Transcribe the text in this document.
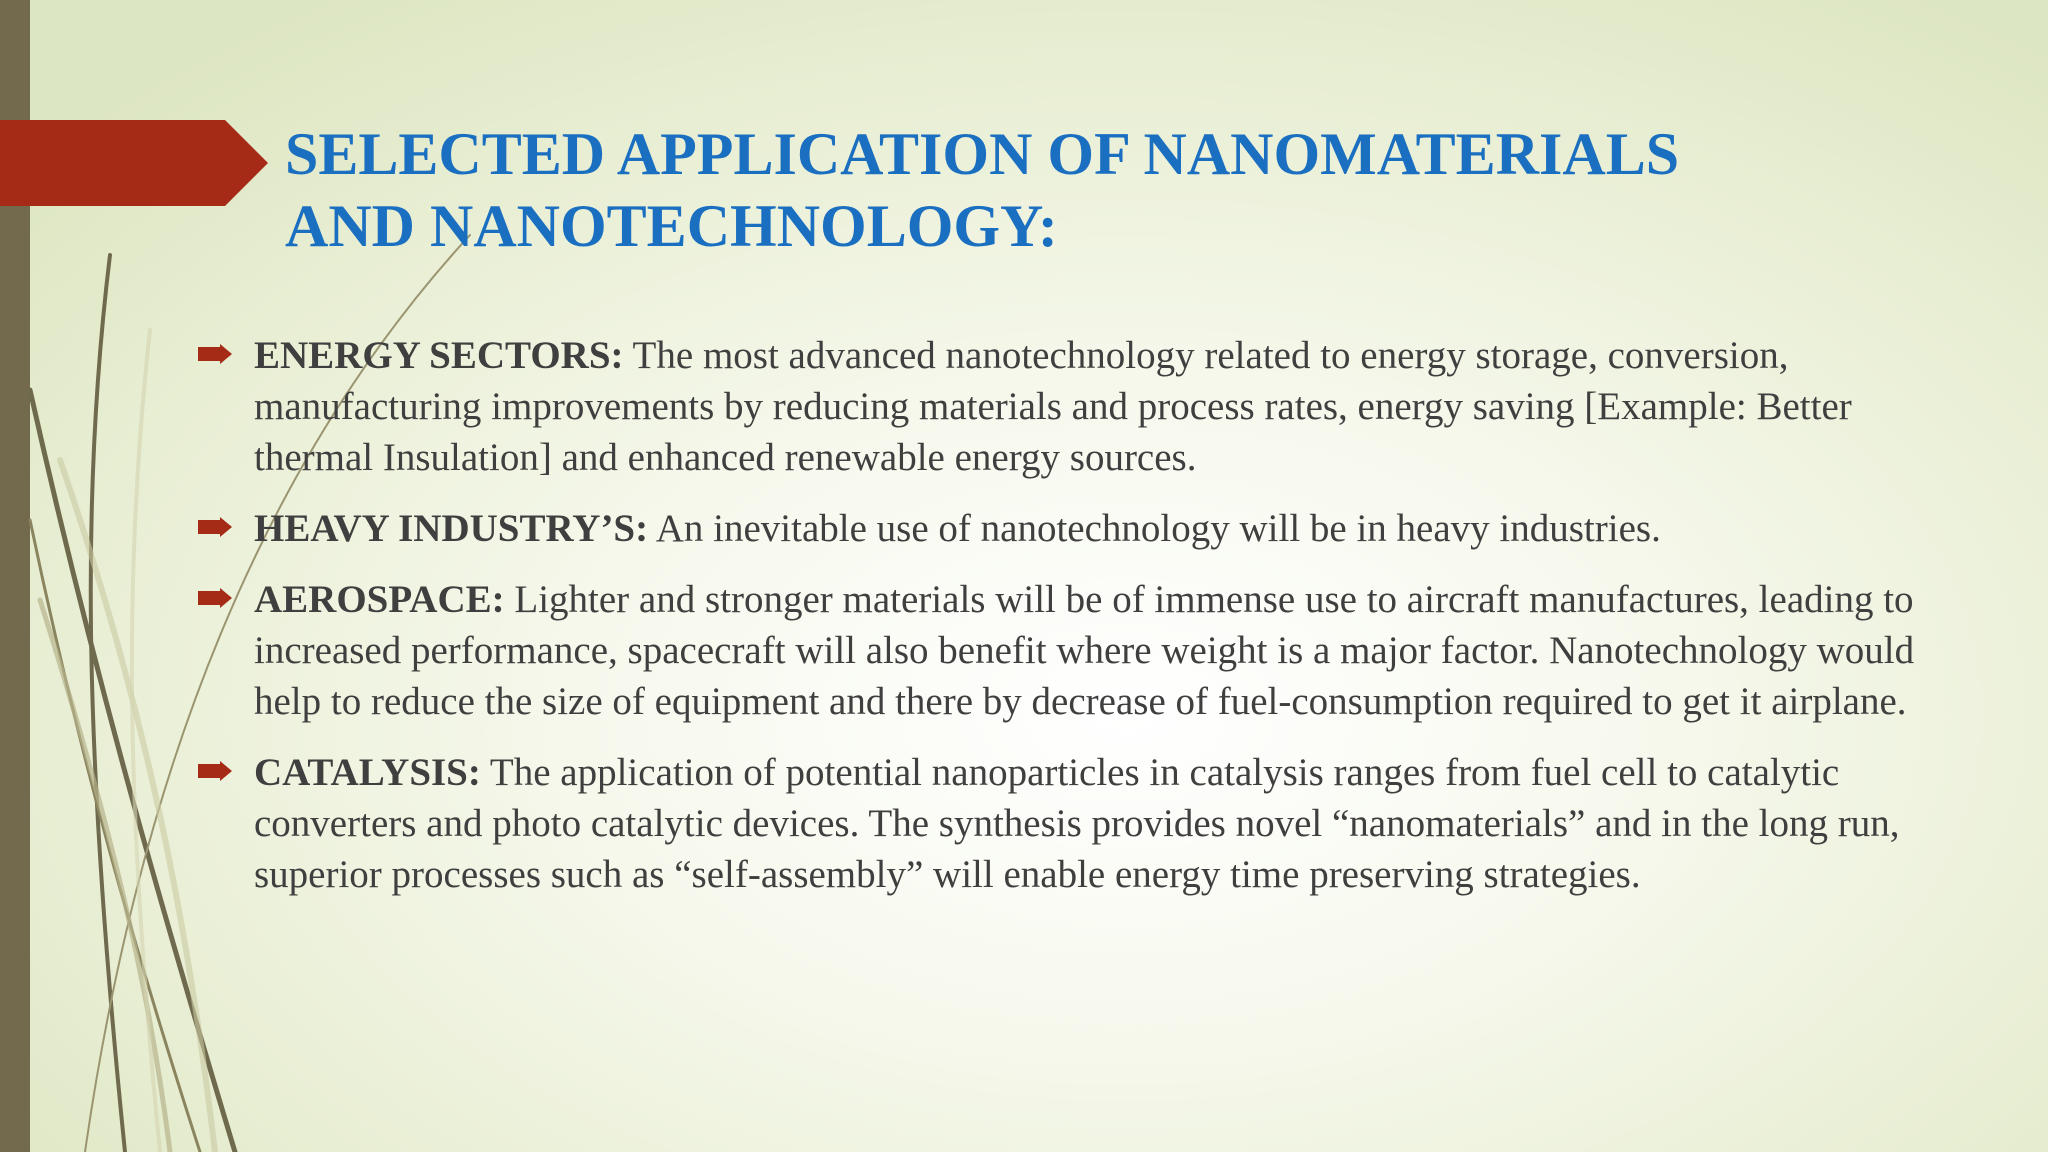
SELECTED APPLICATION OF NANOMATERIALS
AND NANOTECHNOLOGY:
ENERGY SECTORS: The most advanced nanotechnology related to energy storage, conversion, manufacturing improvements by reducing materials and process rates, energy saving [Example: Better thermal Insulation] and enhanced renewable energy sources.
HEAVY INDUSTRY’S: An inevitable use of nanotechnology will be in heavy industries.
AEROSPACE: Lighter and stronger materials will be of immense use to aircraft manufactures, leading to increased performance, spacecraft will also benefit where weight is a major factor. Nanotechnology would help to reduce the size of equipment and there by decrease of fuel-consumption required to get it airplane.
CATALYSIS: The application of potential nanoparticles in catalysis ranges from fuel cell to catalytic converters and photo catalytic devices. The synthesis provides novel “nanomaterials” and in the long run, superior processes such as “self-assembly” will enable energy time preserving strategies.
